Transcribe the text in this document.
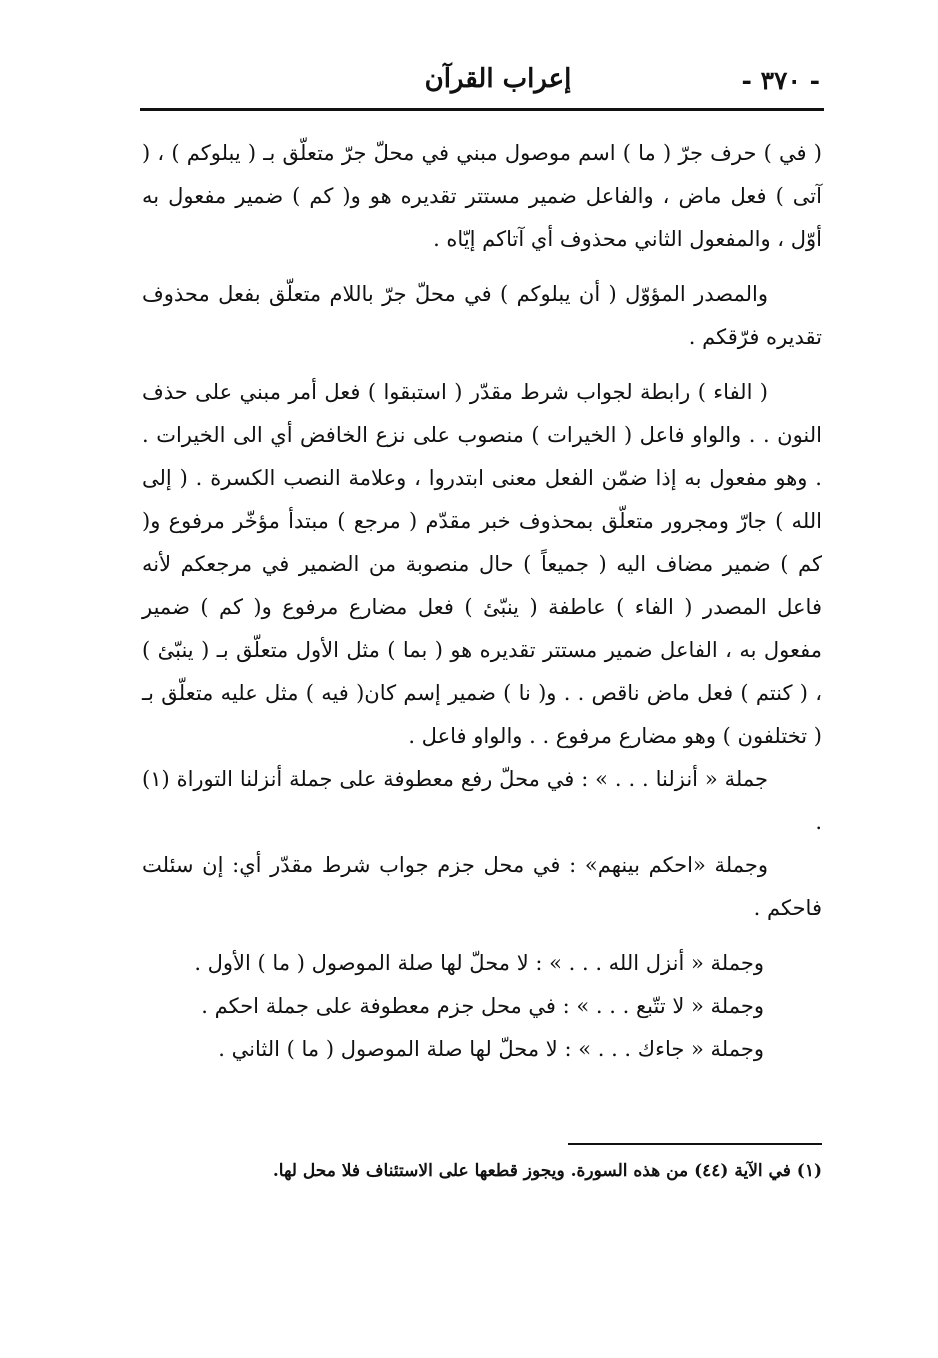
- ٣٧٠ -
إعراب القرآن

( في ) حرف جرّ ( ما ) اسم موصول مبني في محلّ جرّ متعلّق بـ ( يبلوكم ) ، ( آتى ) فعل ماض ، والفاعل ضمير مستتر تقديره هو و( كم ) ضمير مفعول به أوّل ، والمفعول الثاني محذوف أي آتاكم إيّاه .

والمصدر المؤوّل ( أن يبلوكم ) في محلّ جرّ باللام متعلّق بفعل محذوف تقديره فرّقكم .

( الفاء ) رابطة لجواب شرط مقدّر ( استبقوا ) فعل أمر مبني على حذف النون . . والواو فاعل ( الخيرات ) منصوب على نزع الخافض أي الى الخيرات . . وهو مفعول به إذا ضمّن الفعل معنى ابتدروا ، وعلامة النصب الكسرة . ( إلى الله ) جارّ ومجرور متعلّق بمحذوف خبر مقدّم ( مرجع ) مبتدأ مؤخّر مرفوع و( كم ) ضمير مضاف اليه ( جميعاً ) حال منصوبة من الضمير في مرجعكم لأنه فاعل المصدر ( الفاء ) عاطفة ( ينبّئ ) فعل مضارع مرفوع و( كم ) ضمير مفعول به ، الفاعل ضمير مستتر تقديره هو ( بما ) مثل الأول متعلّق بـ ( ينبّئ ) ، ( كنتم ) فعل ماض ناقص . . و( نا ) ضمير إسم كان( فيه ) مثل عليه متعلّق بـ ( تختلفون ) وهو مضارع مرفوع . . والواو فاعل .

جملة « أنزلنا . . . » : في محلّ رفع معطوفة على جملة أنزلنا التوراة (١) .

وجملة «احكم بينهم» : في محل جزم جواب شرط مقدّر أي: إن سئلت فاحكم .

وجملة « أنزل الله . . . » : لا محلّ لها صلة الموصول ( ما ) الأول .

وجملة « لا تتّبع . . . » : في محل جزم معطوفة على جملة احكم .

وجملة « جاءك . . . » : لا محلّ لها صلة الموصول ( ما ) الثاني .

(١) في الآية (٤٤) من هذه السورة. ويجوز قطعها على الاستئناف فلا محل لها.
